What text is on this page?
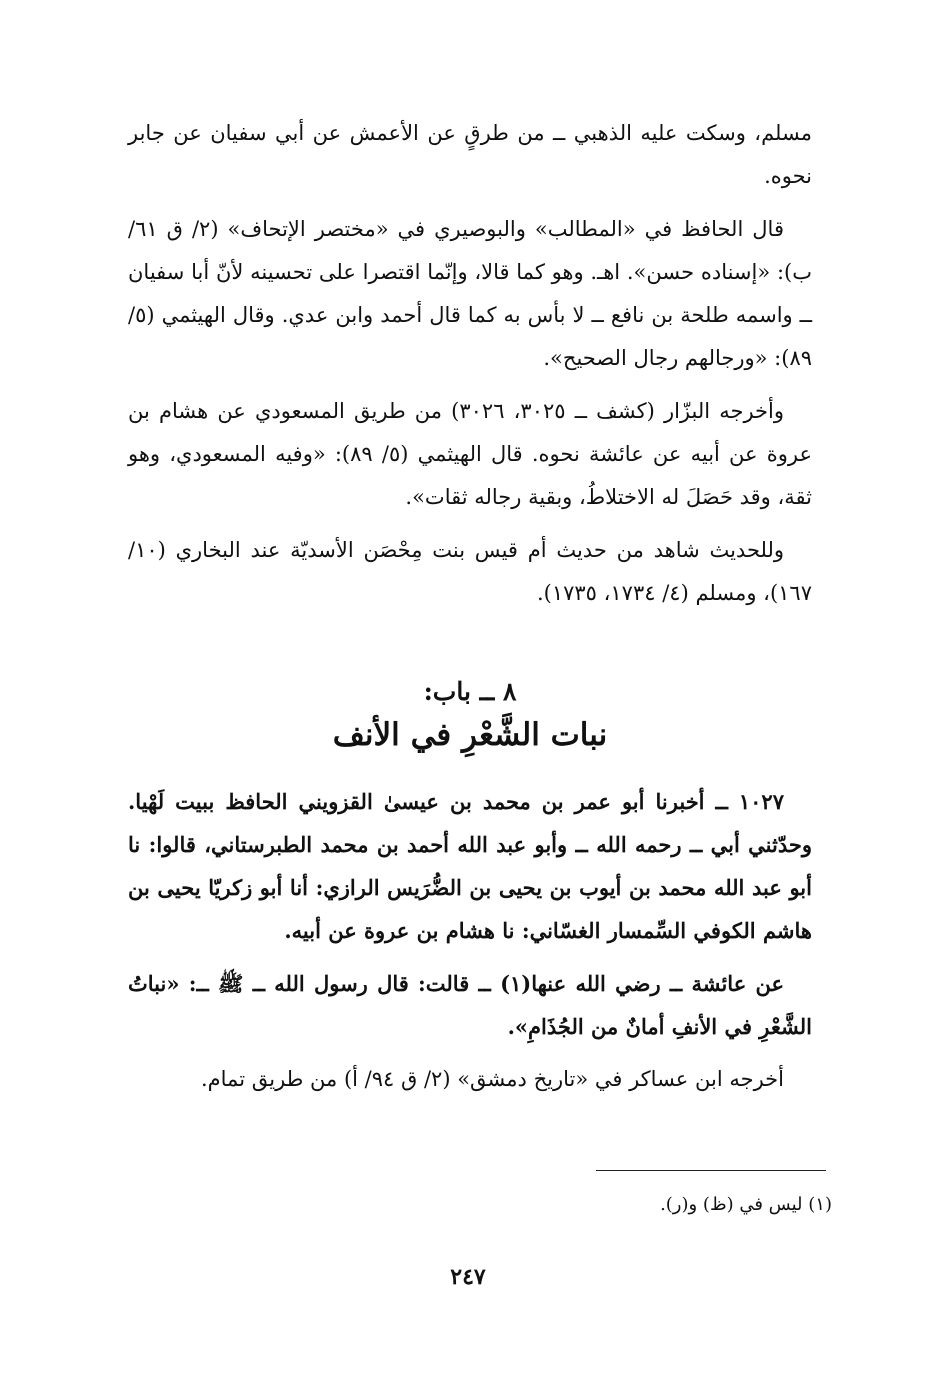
مسلم، وسكت عليه الذهبي ــ من طرقٍ عن الأعمش عن أبي سفيان عن جابر نحوه.

قال الحافظ في «المطالب» والبوصيري في «مختصر الإتحاف» (٢/ ق ٦١/ ب): «إسناده حسن». اهـ. وهو كما قالا، وإنّما اقتصرا على تحسينه لأنّ أبا سفيان ــ واسمه طلحة بن نافع ــ لا بأس به كما قال أحمد وابن عدي. وقال الهيثمي (٥/ ٨٩): «ورجالهم رجال الصحيح».

وأخرجه البزّار (كشف ــ ٣٠٢٥، ٣٠٢٦) من طريق المسعودي عن هشام بن عروة عن أبيه عن عائشة نحوه. قال الهيثمي (٥/ ٨٩): «وفيه المسعودي، وهو ثقة، وقد حَصَلَ له الاختلاطُ، وبقية رجاله ثقات».

وللحديث شاهد من حديث أم قيس بنت مِحْصَن الأسديّة عند البخاري (١٠/ ١٦٧)، ومسلم (٤/ ١٧٣٤، ١٧٣٥).

٨ ــ باب:

نبات الشَّعْرِ في الأنف

١٠٢٧ ــ أخبرنا أبو عمر بن محمد بن عيسىٰ القزويني الحافظ ببيت لَهْيا. وحدّثني أبي ــ رحمه الله ــ وأبو عبد الله أحمد بن محمد الطبرستاني، قالوا: نا أبو عبد الله محمد بن أيوب بن يحيى بن الضُّرَيس الرازي: أنا أبو زكريّا يحيى بن هاشم الكوفي السِّمسار الغسّاني: نا هشام بن عروة عن أبيه.

عن عائشة ــ رضي الله عنها(١) ــ قالت: قال رسول الله ــ ﷺ ــ: «نباتُ الشَّعْرِ في الأنفِ أمانٌ من الجُذَامِ».

أخرجه ابن عساكر في «تاريخ دمشق» (٢/ ق ٩٤/ أ) من طريق تمام.

(١) ليس في (ظ) و(ر).
٢٤٧
